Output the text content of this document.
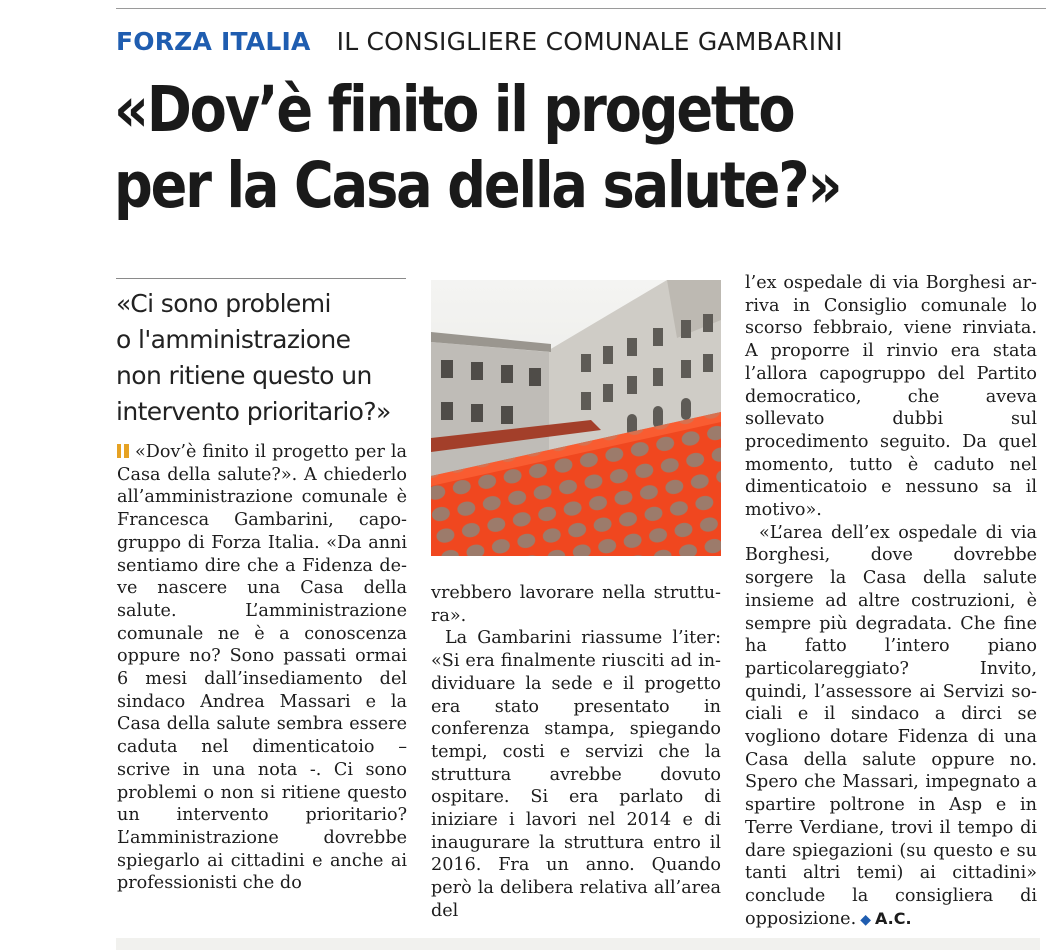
FORZA ITALIA IL CONSIGLIERE COMUNALE GAMBARINI
«Dov’è finito il progetto
per la Casa della salute?»
«Ci sono problemi
o l'amministrazione
non ritiene questo un
intervento prioritario?»

«Dov’è finito il progetto per la Casa della salute?». A chiederlo all’amministrazione comunale è Francesca Gambarini, capogruppo di Forza Italia. «Da anni sentiamo dire che a Fidenza deve nascere una Casa della salute. L’amministrazione comunale ne è a conoscenza oppure no? Sono passati ormai 6 mesi dall’insediamento del sindaco Andrea Massari e la Casa della salute sembra essere caduta nel dimenticatoio – scrive in una nota -. Ci sono problemi o non si ritiene questo un intervento prioritario? L’amministrazione dovrebbe spiegarlo ai cittadini e anche ai professionisti che do

vrebbero lavorare nella struttura».

La Gambarini riassume l’iter: «Si era finalmente riusciti ad individuare la sede e il progetto era stato presentato in conferenza stampa, spiegando tempi, costi e servizi che la struttura avrebbe dovuto ospitare. Si era parlato di iniziare i lavori nel 2014 e di inaugurare la struttura entro il 2016. Fra un anno. Quando però la delibera relativa all’area del

l’ex ospedale di via Borghesi arriva in Consiglio comunale lo scorso febbraio, viene rinviata. A proporre il rinvio era stata l’allora capogruppo del Partito democratico, che aveva sollevato dubbi sul procedimento seguito. Da quel momento, tutto è caduto nel dimenticatoio e nessuno sa il motivo».

«L’area dell’ex ospedale di via Borghesi, dove dovrebbe sorgere la Casa della salute insieme ad altre costruzioni, è sempre più degradata. Che fine ha fatto l’intero piano particolareggiato? Invito, quindi, l’assessore ai Servizi sociali e il sindaco a dirci se vogliono dotare Fidenza di una Casa della salute oppure no. Spero che Massari, impegnato a spartire poltrone in Asp e in Terre Verdiane, trovi il tempo di dare spiegazioni (su questo e su tanti altri temi) ai cittadini» conclude la consigliera di opposizione. ◆ A.C.
